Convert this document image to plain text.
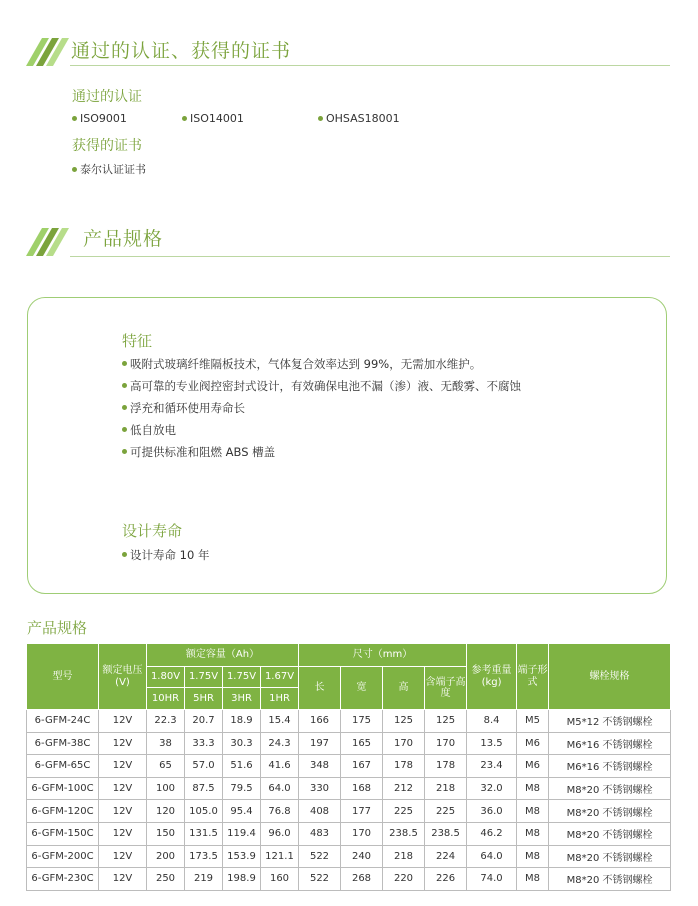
通过的认证、获得的证书
通过的认证
ISO9001	ISO14001	OHSAS18001
获得的证书
泰尔认证证书
产品规格
特征
吸附式玻璃纤维隔板技术，气体复合效率达到 99%，无需加水维护。
高可靠的专业阀控密封式设计，有效确保电池不漏（渗）液、无酸雾、不腐蚀
浮充和循环使用寿命长
低自放电
可提供标准和阻燃 ABS 槽盖
设计寿命
设计寿命 10 年
产品规格
型号	额定电压(V)	额定容量（Ah）				尺寸（mm）				参考重量(kg)	端子形式	螺栓规格
		1.80V	1.75V	1.75V	1.67V	长	宽	高	含端子高度			
		10HR	5HR	3HR	1HR							
6-GFM-24C	12V	22.3	20.7	18.9	15.4	166	175	125	125	8.4	M5	M5*12 不锈钢螺栓
6-GFM-38C	12V	38	33.3	30.3	24.3	197	165	170	170	13.5	M6	M6*16 不锈钢螺栓
6-GFM-65C	12V	65	57.0	51.6	41.6	348	167	178	178	23.4	M6	M6*16 不锈钢螺栓
6-GFM-100C	12V	100	87.5	79.5	64.0	330	168	212	218	32.0	M8	M8*20 不锈钢螺栓
6-GFM-120C	12V	120	105.0	95.4	76.8	408	177	225	225	36.0	M8	M8*20 不锈钢螺栓
6-GFM-150C	12V	150	131.5	119.4	96.0	483	170	238.5	238.5	46.2	M8	M8*20 不锈钢螺栓
6-GFM-200C	12V	200	173.5	153.9	121.1	522	240	218	224	64.0	M8	M8*20 不锈钢螺栓
6-GFM-230C	12V	250	219	198.9	160	522	268	220	226	74.0	M8	M8*20 不锈钢螺栓
